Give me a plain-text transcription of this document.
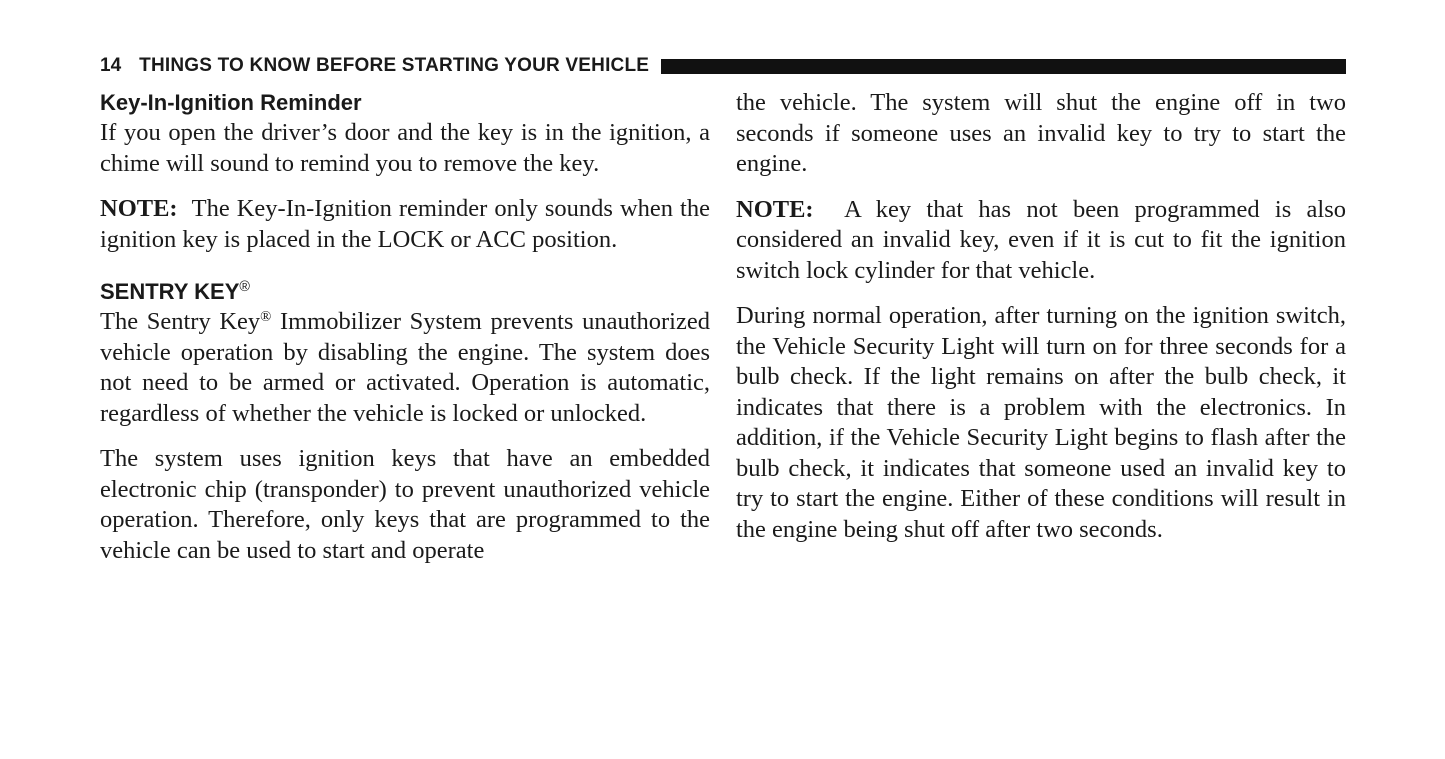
14 THINGS TO KNOW BEFORE STARTING YOUR VEHICLE
Key-In-Ignition Reminder

If you open the driver’s door and the key is in the ignition, a chime will sound to remind you to remove the key.

NOTE: The Key-In-Ignition reminder only sounds when the ignition key is placed in the LOCK or ACC position.

SENTRY KEY®

The Sentry Key® Immobilizer System prevents unauthorized vehicle operation by disabling the engine. The system does not need to be armed or activated. Operation is automatic, regardless of whether the vehicle is locked or unlocked.

The system uses ignition keys that have an embedded electronic chip (transponder) to prevent unauthorized vehicle operation. Therefore, only keys that are programmed to the vehicle can be used to start and operate

the vehicle. The system will shut the engine off in two seconds if someone uses an invalid key to try to start the engine.

NOTE: A key that has not been programmed is also considered an invalid key, even if it is cut to fit the ignition switch lock cylinder for that vehicle.

During normal operation, after turning on the ignition switch, the Vehicle Security Light will turn on for three seconds for a bulb check. If the light remains on after the bulb check, it indicates that there is a problem with the electronics. In addition, if the Vehicle Security Light begins to flash after the bulb check, it indicates that someone used an invalid key to try to start the engine. Either of these conditions will result in the engine being shut off after two seconds.
